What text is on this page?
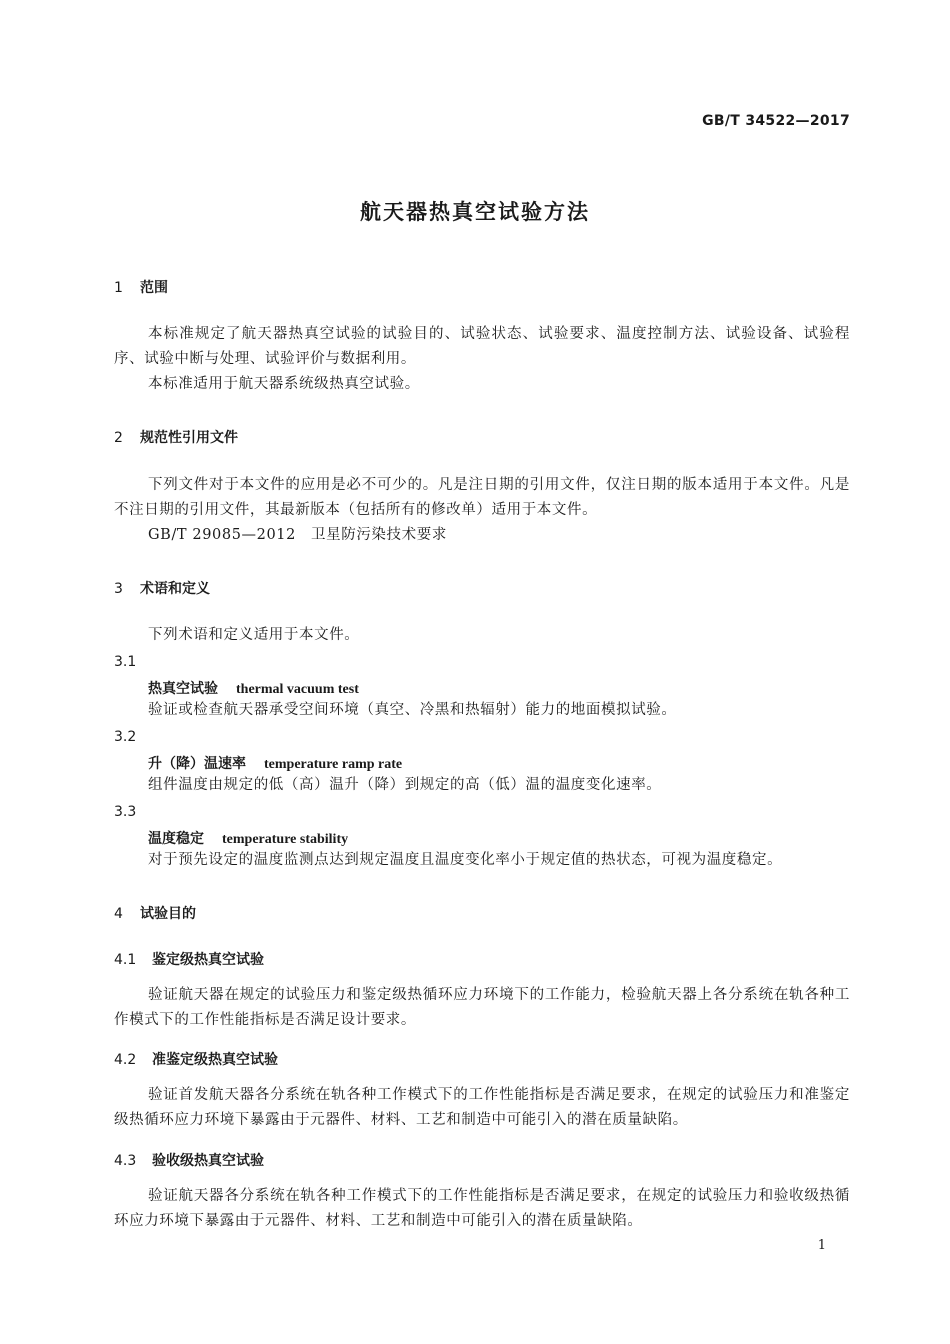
GB/T 34522—2017
航天器热真空试验方法
1 范围
本标准规定了航天器热真空试验的试验目的、试验状态、试验要求、温度控制方法、试验设备、试验程序、试验中断与处理、试验评价与数据利用。
本标准适用于航天器系统级热真空试验。
2 规范性引用文件
下列文件对于本文件的应用是必不可少的。凡是注日期的引用文件，仅注日期的版本适用于本文件。凡是不注日期的引用文件，其最新版本（包括所有的修改单）适用于本文件。
GB/T 29085—2012　卫星防污染技术要求
3 术语和定义
下列术语和定义适用于本文件。
3.1
热真空试验 thermal vacuum test
验证或检查航天器承受空间环境（真空、冷黑和热辐射）能力的地面模拟试验。
3.2
升（降）温速率 temperature ramp rate
组件温度由规定的低（高）温升（降）到规定的高（低）温的温度变化速率。
3.3
温度稳定 temperature stability
对于预先设定的温度监测点达到规定温度且温度变化率小于规定值的热状态，可视为温度稳定。
4 试验目的
4.1 鉴定级热真空试验
验证航天器在规定的试验压力和鉴定级热循环应力环境下的工作能力，检验航天器上各分系统在轨各种工作模式下的工作性能指标是否满足设计要求。
4.2 准鉴定级热真空试验
验证首发航天器各分系统在轨各种工作模式下的工作性能指标是否满足要求，在规定的试验压力和准鉴定级热循环应力环境下暴露由于元器件、材料、工艺和制造中可能引入的潜在质量缺陷。
4.3 验收级热真空试验
验证航天器各分系统在轨各种工作模式下的工作性能指标是否满足要求，在规定的试验压力和验收级热循环应力环境下暴露由于元器件、材料、工艺和制造中可能引入的潜在质量缺陷。
1
